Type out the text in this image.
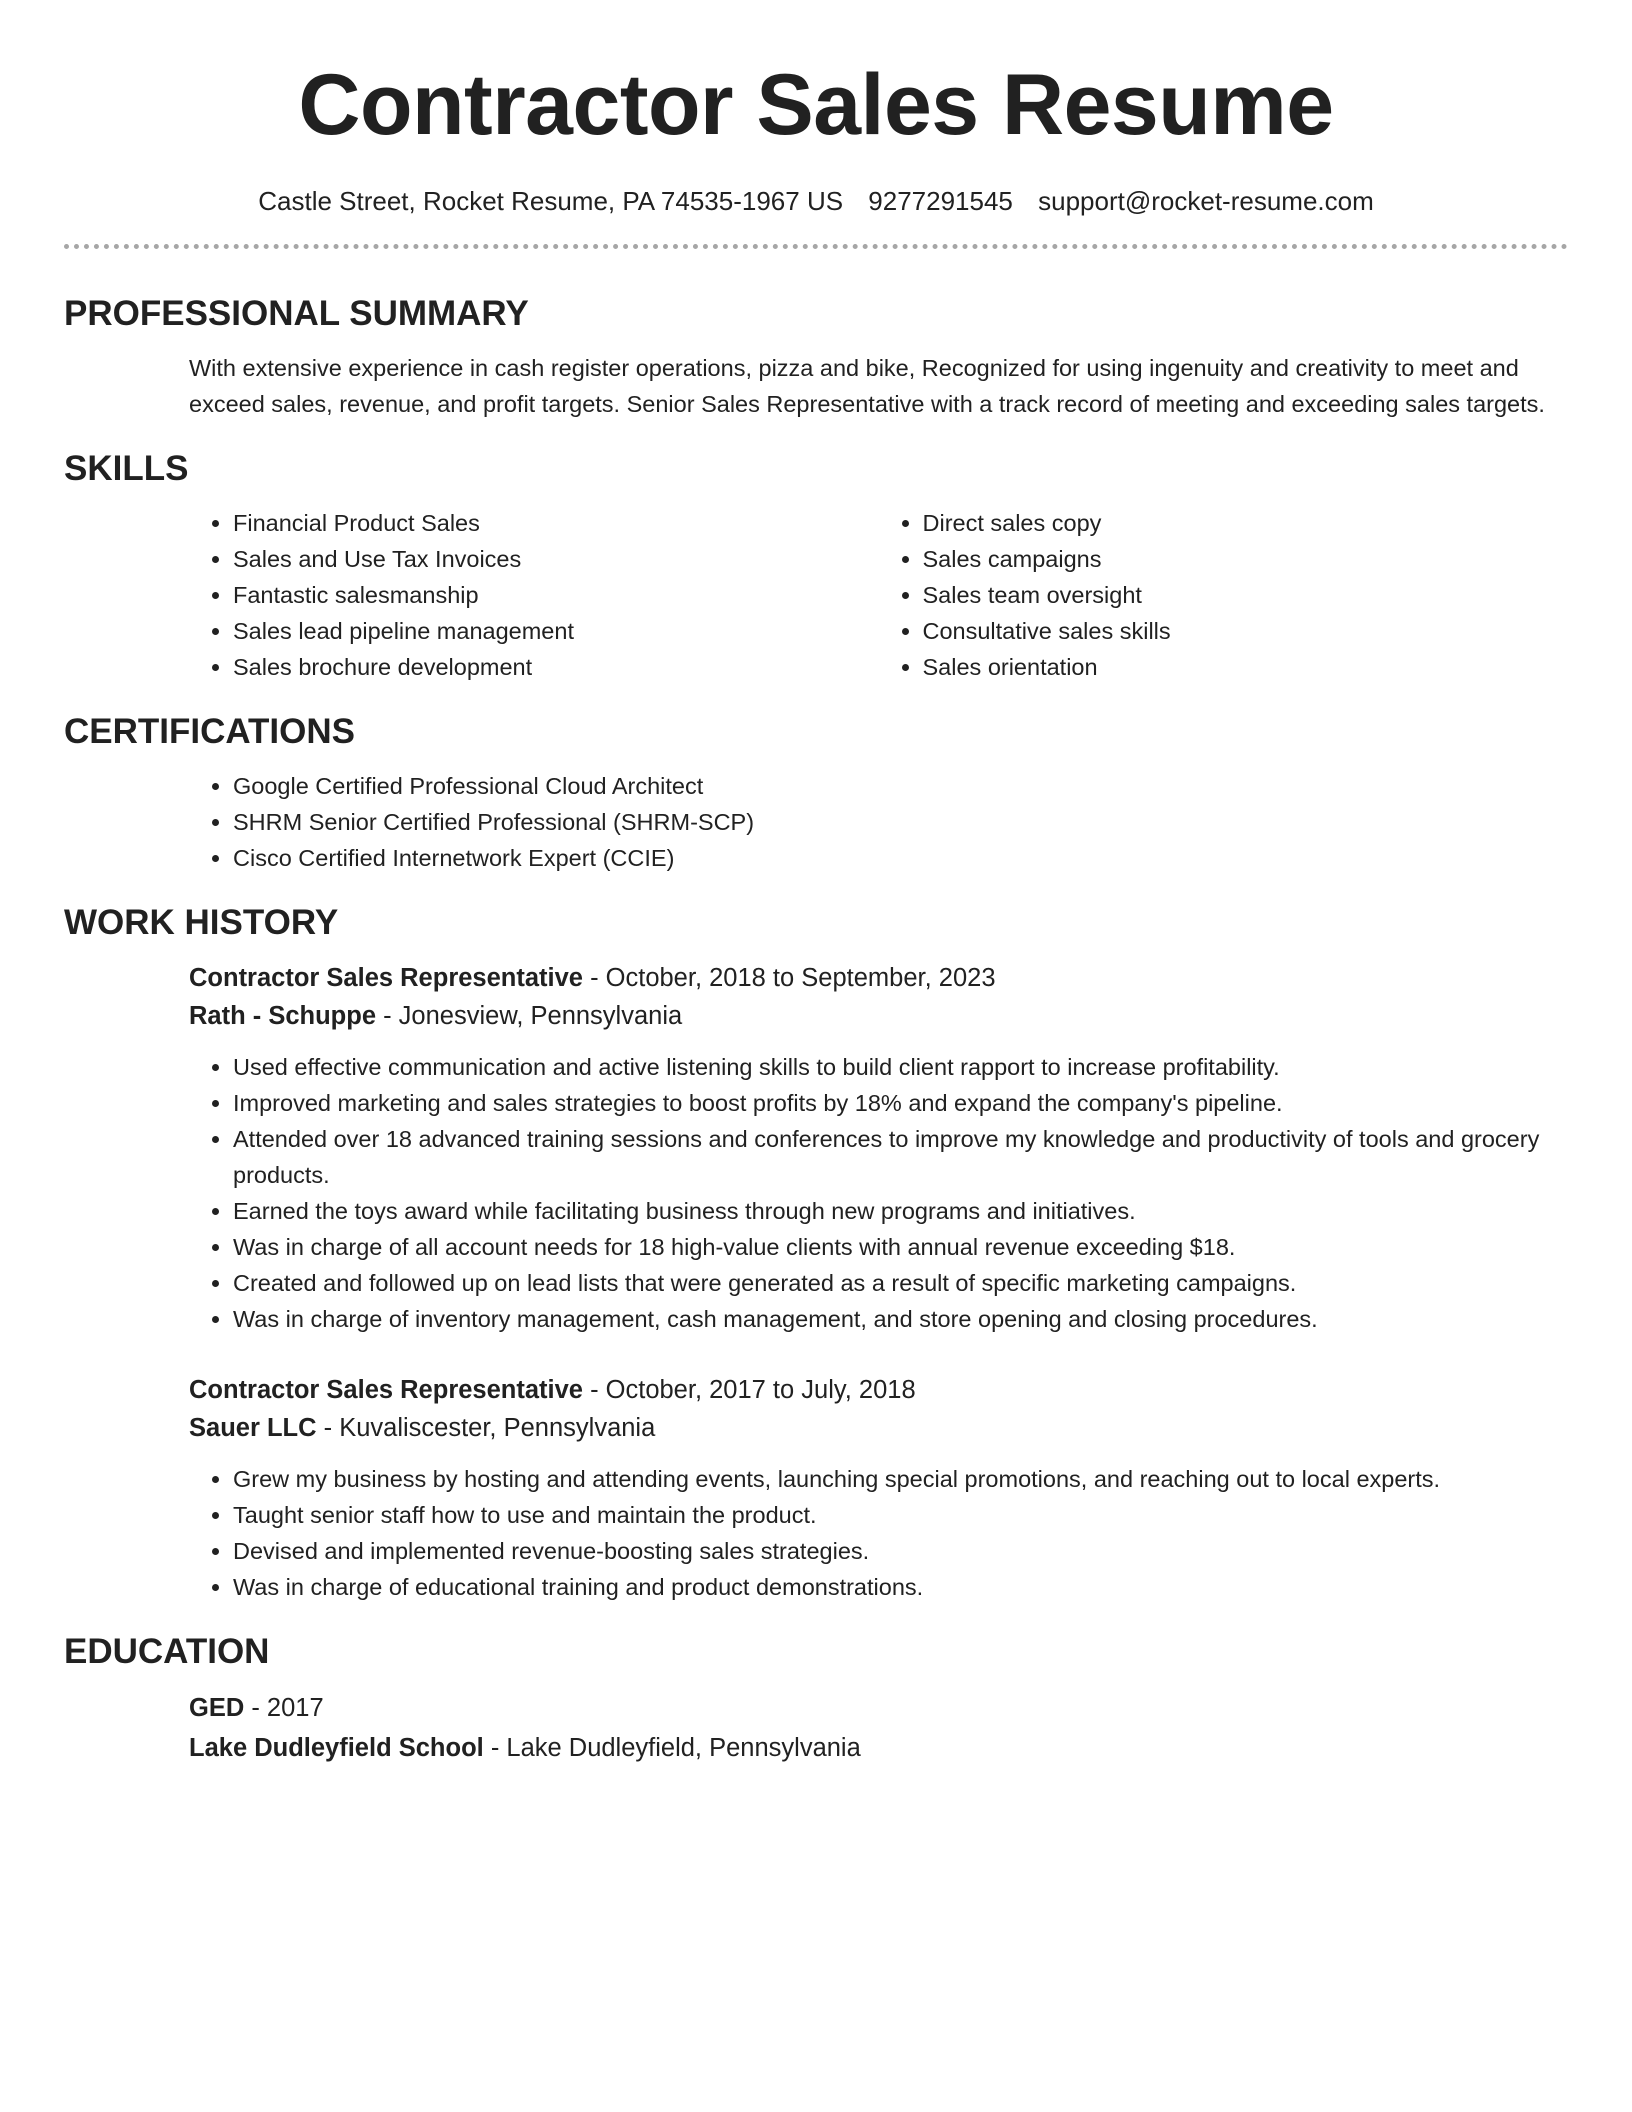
Contractor Sales Resume
Castle Street, Rocket Resume, PA 74535-1967 US 9277291545 support@rocket-resume.com
PROFESSIONAL SUMMARY

With extensive experience in cash register operations, pizza and bike, Recognized for using ingenuity and creativity to meet and exceed sales, revenue, and profit targets. Senior Sales Representative with a track record of meeting and exceeding sales targets.

SKILLS
• Financial Product Sales
• Sales and Use Tax Invoices
• Fantastic salesmanship
• Sales lead pipeline management
• Sales brochure development
• Direct sales copy
• Sales campaigns
• Sales team oversight
• Consultative sales skills
• Sales orientation
CERTIFICATIONS
• Google Certified Professional Cloud Architect
• SHRM Senior Certified Professional (SHRM-SCP)
• Cisco Certified Internetwork Expert (CCIE)
WORK HISTORY
Contractor Sales Representative - October, 2018 to September, 2023
Rath - Schuppe - Jonesview, Pennsylvania
• Used effective communication and active listening skills to build client rapport to increase profitability.
• Improved marketing and sales strategies to boost profits by 18% and expand the company's pipeline.
• Attended over 18 advanced training sessions and conferences to improve my knowledge and productivity of tools and grocery products.
• Earned the toys award while facilitating business through new programs and initiatives.
• Was in charge of all account needs for 18 high-value clients with annual revenue exceeding $18.
• Created and followed up on lead lists that were generated as a result of specific marketing campaigns.
• Was in charge of inventory management, cash management, and store opening and closing procedures.
Contractor Sales Representative - October, 2017 to July, 2018
Sauer LLC - Kuvaliscester, Pennsylvania
• Grew my business by hosting and attending events, launching special promotions, and reaching out to local experts.
• Taught senior staff how to use and maintain the product.
• Devised and implemented revenue-boosting sales strategies.
• Was in charge of educational training and product demonstrations.
EDUCATION
GED - 2017
Lake Dudleyfield School - Lake Dudleyfield, Pennsylvania
